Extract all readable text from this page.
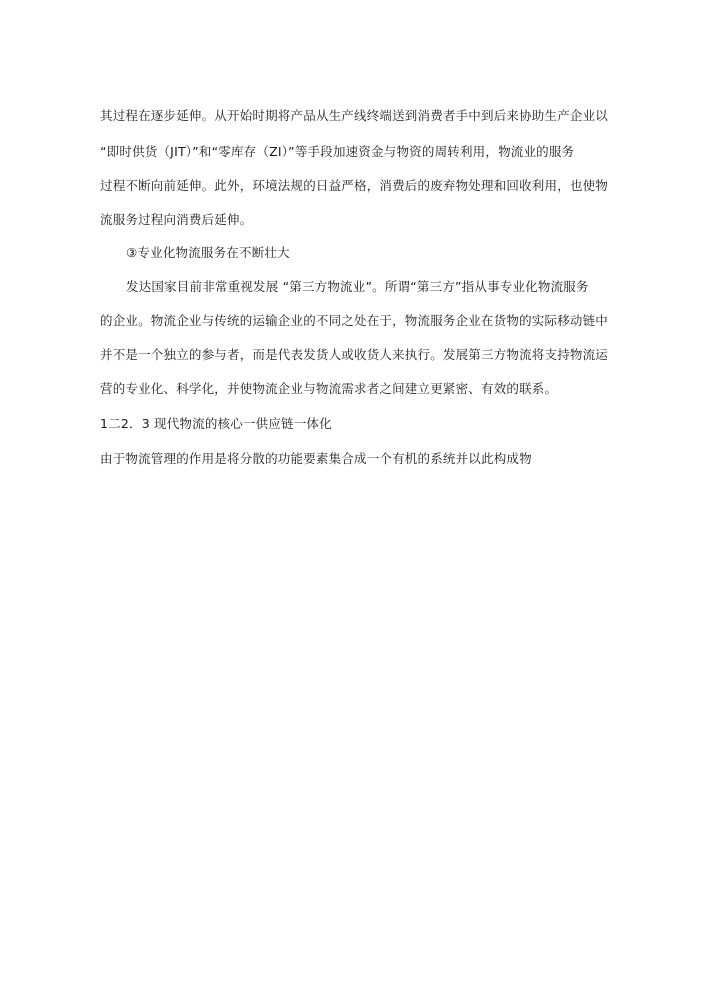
其过程在逐步延伸。从开始时期将产品从生产线终端送到消费者手中到后来协助生产企业以
“即时供货（JIT）”和“零库存（ZI）”等手段加速资金与物资的周转利用，物流业的服务
过程不断向前延伸。此外，环境法规的日益严格，消费后的废弃物处理和回收利用，也使物
流服务过程向消费后延伸。
③专业化物流服务在不断壮大
发达国家目前非常重视发展 “第三方物流业”。所谓“第三方”指从事专业化物流服务
的企业。物流企业与传统的运输企业的不同之处在于，物流服务企业在货物的实际移动链中
并不是一个独立的参与者，而是代表发货人或收货人来执行。发展第三方物流将支持物流运
营的专业化、科学化，并使物流企业与物流需求者之间建立更紧密、有效的联系。
1二2．3 现代物流的核心一供应链一体化
由于物流管理的作用是将分散的功能要素集合成一个有机的系统并以此构成物
